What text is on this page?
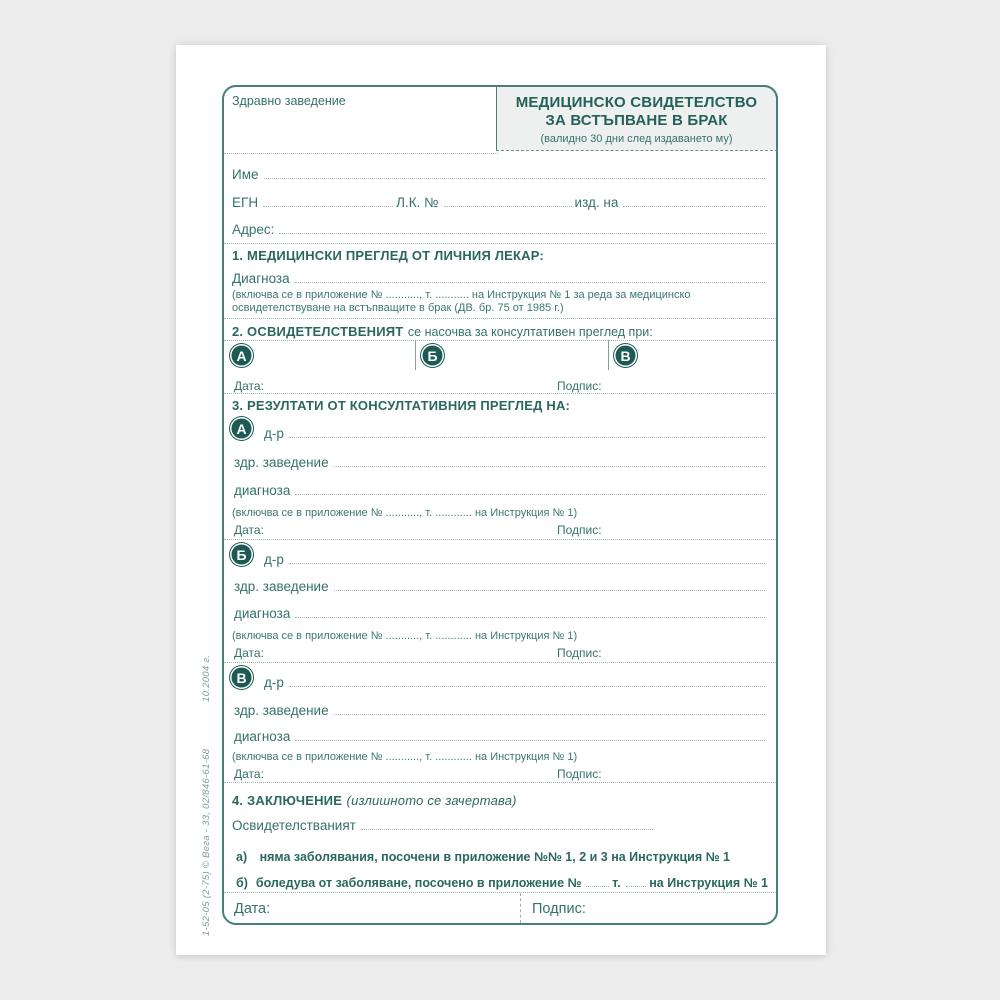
10.2004 г.
1-52-05 (2-75) © Вега - 33, 02/846-61-68
Здравно заведение	МЕДИЦИНСКО СВИДЕТЕЛСТВО
ЗА ВСТЪПВАНЕ В БРАК
(валидно 30 дни след издаването му)
Име
ЕГН	Л.К. №	изд. на
Адрес:
1. МЕДИЦИНСКИ ПРЕГЛЕД ОТ ЛИЧНИЯ ЛЕКАР:
Диагноза
(включва се в приложение № ..........., т. ........... на Инструкция № 1 за реда за медицинско
освидетелствуване на встъпващите в брак (ДВ. бр. 75 от 1985 г.)
2. ОСВИДЕТЕЛСТВЕНИЯТ се насочва за консултативен преглед при:
А	Б	В
Дата:	Подпис:
3. РЕЗУЛТАТИ ОТ КОНСУЛТАТИВНИЯ ПРЕГЛЕД НА:
А	д-р
здр. заведение
диагноза
(включва се в приложение № ..........., т. ............ на Инструкция № 1)
Дата:	Подпис:
Б	д-р
здр. заведение
диагноза
(включва се в приложение № ..........., т. ............ на Инструкция № 1)
Дата:	Подпис:
В	д-р
здр. заведение
диагноза
(включва се в приложение № ..........., т. ............ на Инструкция № 1)
Дата:	Подпис:
4. ЗАКЛЮЧЕНИЕ (излишното се зачертава)
Освидетелстваният
а) няма заболявания, посочени в приложение №№ 1, 2 и 3 на Инструкция № 1
б) боледува от заболяване, посочено в приложение № т. на Инструкция № 1
Дата:	Подпис:
